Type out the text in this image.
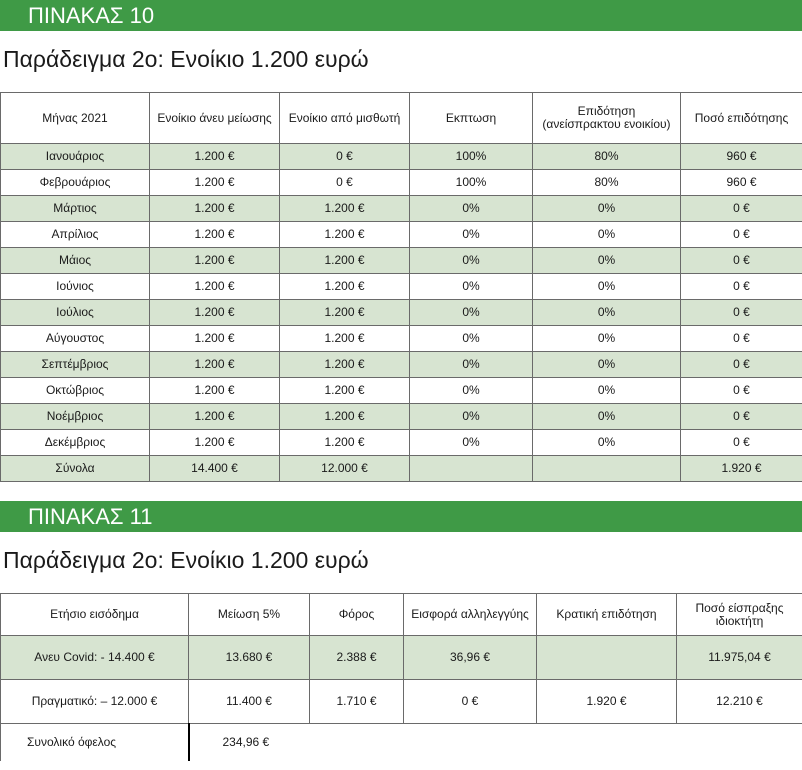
ΠΙΝΑΚΑΣ 10
Παράδειγμα 2ο: Ενοίκιο 1.200 ευρώ
Μήνας 2021	Ενοίκιο άνευ μείωσης	Ενοίκιο από μισθωτή	Εκπτωση	Επιδότηση (ανείσπρακτου ενοικίου)	Ποσό επιδότησης
Ιανουάριος	1.200 €	0 €	100%	80%	960 €
Φεβρουάριος	1.200 €	0 €	100%	80%	960 €
Μάρτιος	1.200 €	1.200 €	0%	0%	0 €
Απρίλιος	1.200 €	1.200 €	0%	0%	0 €
Μάιος	1.200 €	1.200 €	0%	0%	0 €
Ιούνιος	1.200 €	1.200 €	0%	0%	0 €
Ιούλιος	1.200 €	1.200 €	0%	0%	0 €
Αύγουστος	1.200 €	1.200 €	0%	0%	0 €
Σεπτέμβριος	1.200 €	1.200 €	0%	0%	0 €
Οκτώβριος	1.200 €	1.200 €	0%	0%	0 €
Νοέμβριος	1.200 €	1.200 €	0%	0%	0 €
Δεκέμβριος	1.200 €	1.200 €	0%	0%	0 €
Σύνολα	14.400 €	12.000 €			1.920 €
ΠΙΝΑΚΑΣ 11
Παράδειγμα 2ο: Ενοίκιο 1.200 ευρώ
Ετήσιο εισόδημα	Μείωση 5%	Φόρος	Εισφορά αλληλεγγύης	Κρατική επιδότηση	Ποσό είσπραξης ιδιοκτήτη
Ανευ Covid: - 14.400 €	13.680 €	2.388 €	36,96 €		11.975,04 €
Πραγματικό: – 12.000 €	11.400 €	1.710 €	0 €	1.920 €	12.210 €
Συνολικό όφελος	234,96 €				
